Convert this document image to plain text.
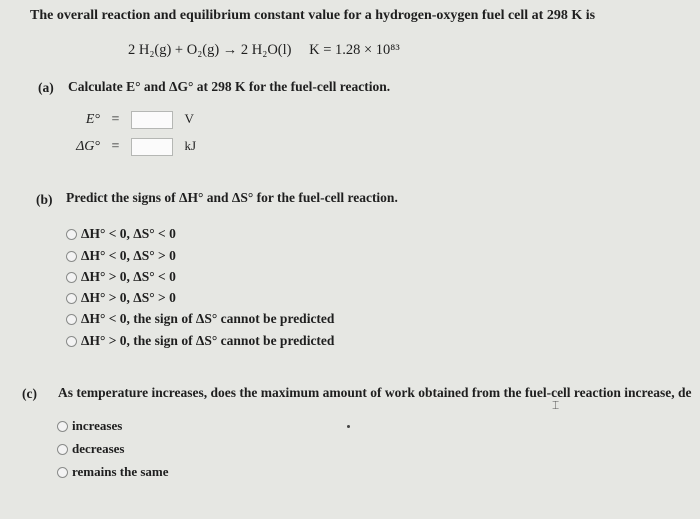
The overall reaction and equilibrium constant value for a hydrogen-oxygen fuel cell at 298 K is
2 H₂(g) + O₂(g) → 2 H₂O(l) K = 1.28 × 10⁸³
(a) Calculate E° and ΔG° at 298 K for the fuel-cell reaction.
E° =	V
ΔG° =	kJ
(b) Predict the signs of ΔH° and ΔS° for the fuel-cell reaction.
ΔH° < 0, ΔS° < 0
ΔH° < 0, ΔS° > 0
ΔH° > 0, ΔS° < 0
ΔH° > 0, ΔS° > 0
ΔH° < 0, the sign of ΔS° cannot be predicted
ΔH° > 0, the sign of ΔS° cannot be predicted
(c) As temperature increases, does the maximum amount of work obtained from the fuel-cell reaction increase, de
⌶
increases
decreases
remains the same
